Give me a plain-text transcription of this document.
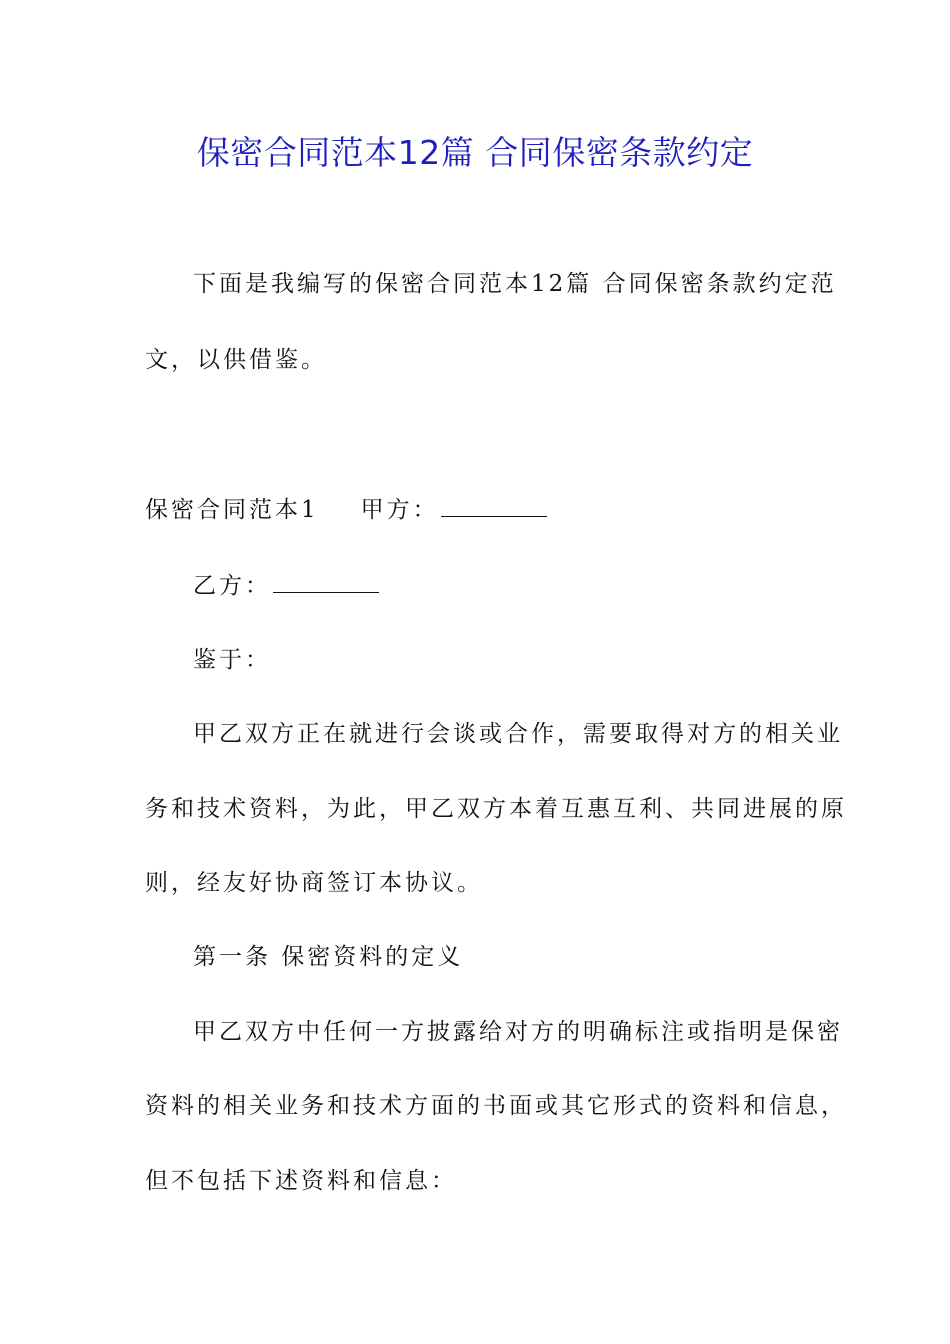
保密合同范本12篇 合同保密条款约定
下面是我编写的保密合同范本12篇 合同保密条款约定范
文，以供借鉴。
保密合同范本1 甲方：
乙方：
鉴于：
甲乙双方正在就进行会谈或合作，需要取得对方的相关业
务和技术资料，为此，甲乙双方本着互惠互利、共同进展的原
则，经友好协商签订本协议。
第一条 保密资料的定义
甲乙双方中任何一方披露给对方的明确标注或指明是保密
资料的相关业务和技术方面的书面或其它形式的资料和信息，
但不包括下述资料和信息：
